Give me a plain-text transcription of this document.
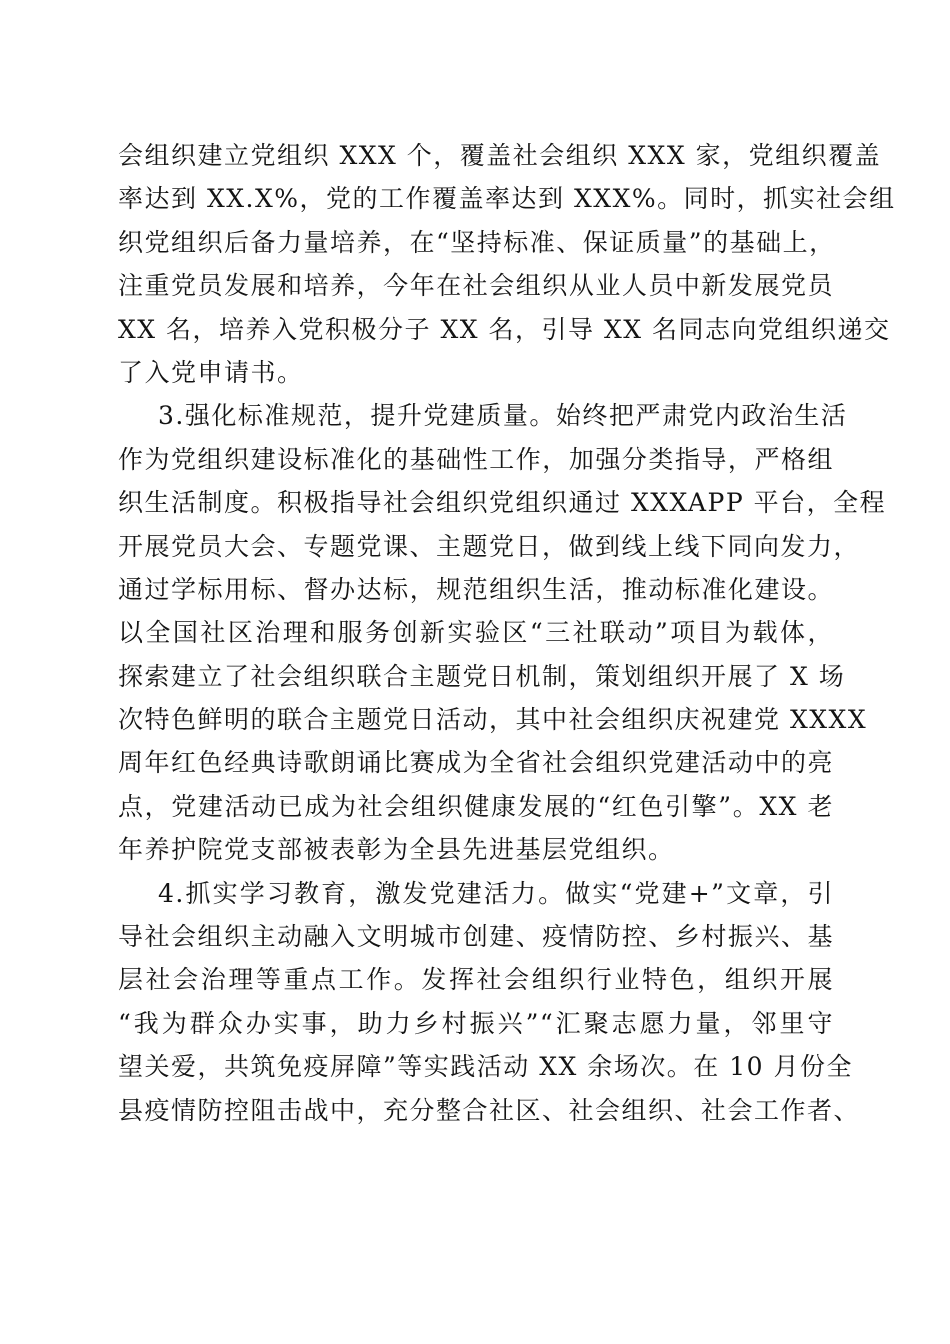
会组织建立党组织 XXX 个，覆盖社会组织 XXX 家，党组织覆盖
率达到 XX.X%，党的工作覆盖率达到 XXX%。同时，抓实社会组
织党组织后备力量培养，在“坚持标准、保证质量”的基础上，
注重党员发展和培养，今年在社会组织从业人员中新发展党员
XX 名，培养入党积极分子 XX 名，引导 XX 名同志向党组织递交
了入党申请书。
3.强化标准规范，提升党建质量。始终把严肃党内政治生活
作为党组织建设标准化的基础性工作，加强分类指导，严格组
织生活制度。积极指导社会组织党组织通过 XXXAPP 平台，全程
开展党员大会、专题党课、主题党日，做到线上线下同向发力，
通过学标用标、督办达标，规范组织生活，推动标准化建设。
以全国社区治理和服务创新实验区“三社联动”项目为载体，
探索建立了社会组织联合主题党日机制，策划组织开展了 X 场
次特色鲜明的联合主题党日活动，其中社会组织庆祝建党 XXXX
周年红色经典诗歌朗诵比赛成为全省社会组织党建活动中的亮
点，党建活动已成为社会组织健康发展的“红色引擎”。XX 老
年养护院党支部被表彰为全县先进基层党组织。
4.抓实学习教育，激发党建活力。做实“党建+”文章，引
导社会组织主动融入文明城市创建、疫情防控、乡村振兴、基
层社会治理等重点工作。发挥社会组织行业特色，组织开展
“我为群众办实事，助力乡村振兴”“汇聚志愿力量，邻里守
望关爱，共筑免疫屏障”等实践活动 XX 余场次。在 10 月份全
县疫情防控阻击战中，充分整合社区、社会组织、社会工作者、
